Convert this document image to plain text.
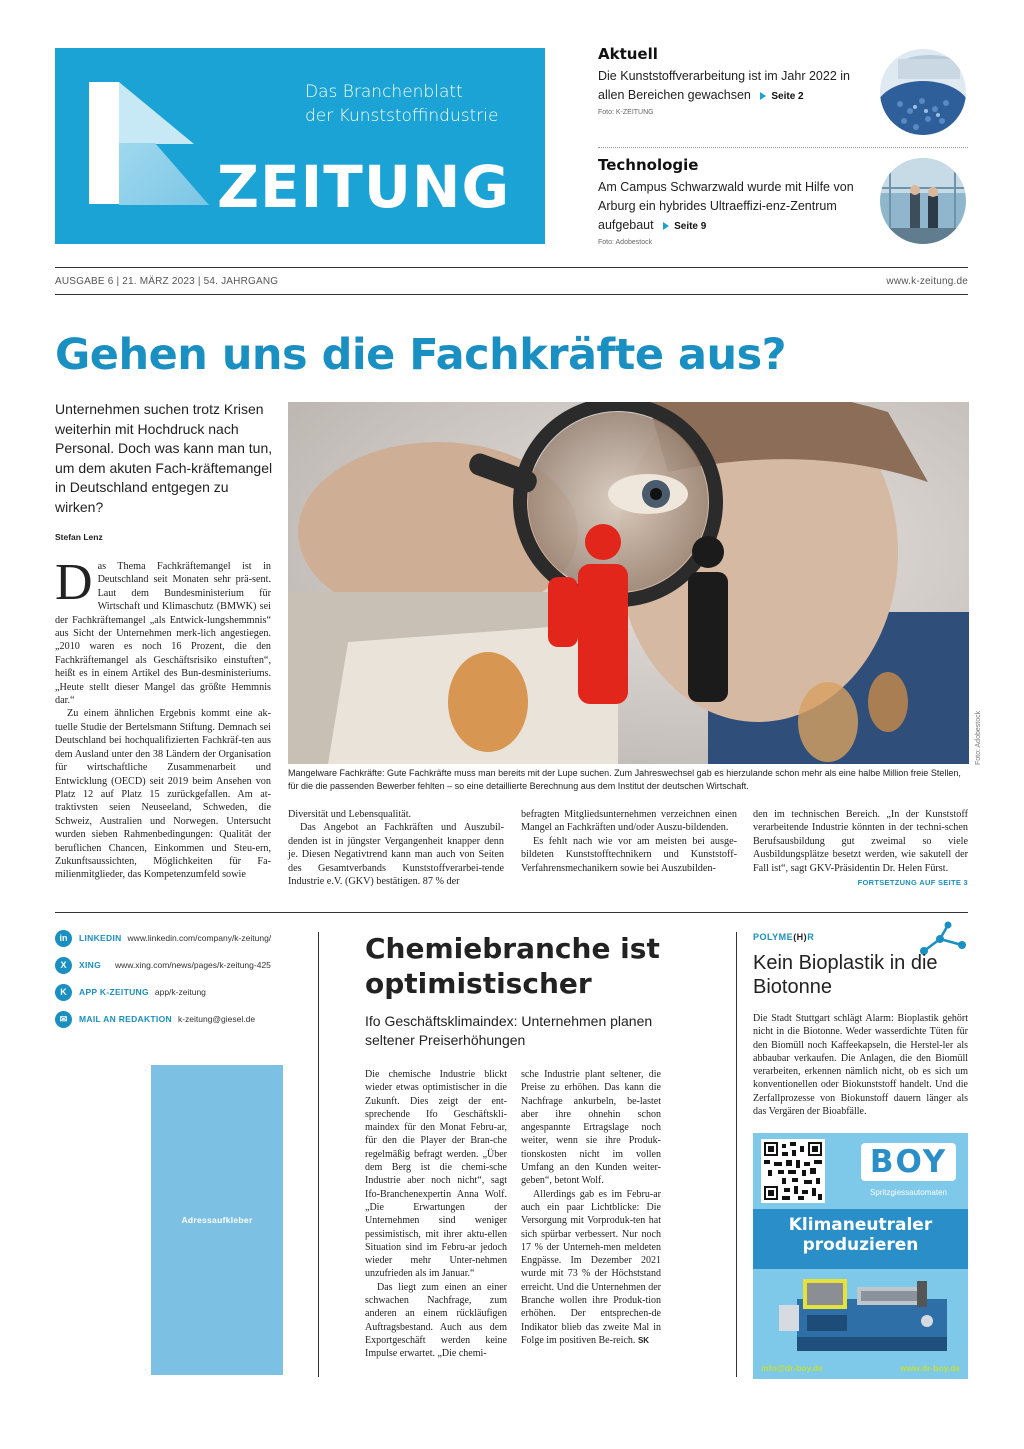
Das Branchenblatt
der Kunststoffindustrie
ZEITUNG
Aktuell
Die Kunststoffverarbeitung ist im Jahr 2022 in allen Bereichen gewachsen Seite 2
Foto: K-ZEITUNG
Technologie
Am Campus Schwarzwald wurde mit Hilfe von Arburg ein hybrides Ultraeffizi-enz-Zentrum aufgebaut Seite 9
Foto: Adobestock
AUSGABE 6 | 21. MÄRZ 2023 | 54. JAHRGANG	www.k-zeitung.de
Gehen uns die Fachkräfte aus?
Unternehmen suchen trotz Krisen weiterhin mit Hochdruck nach Personal. Doch was kann man tun, um dem akuten Fach-kräftemangel in Deutschland entgegen zu wirken?
Stefan Lenz

Das Thema Fachkräftemangel ist in Deutschland seit Monaten sehr prä-sent. Laut dem Bundesministerium für Wirtschaft und Klimaschutz (BMWK) sei der Fachkräftemangel „als Entwick-lungshemmnis“ aus Sicht der Unternehmen merk-lich angestiegen. „2010 waren es noch 16 Prozent, die den Fachkräftemangel als Geschäftsrisiko einstuften“, heißt es in einem Artikel des Bun-desministeriums. „Heute stellt dieser Mangel das größte Hemmnis dar.“

Zu einem ähnlichen Ergebnis kommt eine ak-tuelle Studie der Bertelsmann Stiftung. Demnach sei Deutschland bei hochqualifizierten Fachkräf-ten aus dem Ausland unter den 38 Ländern der Organisation für wirtschaftliche Zusammenarbeit und Entwicklung (OECD) seit 2019 beim Ansehen von Platz 12 auf Platz 15 zurückgefallen. Am at-traktivsten seien Neuseeland, Schweden, die Schweiz, Australien und Norwegen. Untersucht wurden sieben Rahmenbedingungen: Qualität der beruflichen Chancen, Einkommen und Steu-ern, Zukunftsaussichten, Möglichkeiten für Fa-milienmitglieder, das Kompetenzumfeld sowie

Foto: Adobestock
Mangelware Fachkräfte: Gute Fachkräfte muss man bereits mit der Lupe suchen. Zum Jahreswechsel gab es hierzulande schon mehr als eine halbe Million freie Stellen, für die die passenden Bewerber fehlten – so eine detaillierte Berechnung aus dem Institut der deutschen Wirtschaft.

Diversität und Lebensqualität.

Das Angebot an Fachkräften und Auszubil-denden ist in jüngster Vergangenheit knapper denn je. Diesen Negativtrend kann man auch von Seiten des Gesamtverbands Kunststoffverarbei-tende Industrie e.V. (GKV) bestätigen. 87 % der

befragten Mitgliedsunternehmen verzeichnen einen Mangel an Fachkräften und/oder Auszu-bildenden.

Es fehlt nach wie vor am meisten bei ausge-bildeten Kunststofftechnikern und Kunststoff-Verfahrensmechanikern sowie bei Auszubilden-

den im technischen Bereich. „In der Kunststoff verarbeitende Industrie könnten in der techni-schen Berufsausbildung gut zweimal so viele Ausbildungsplätze besetzt werden, wie sakutell der Fall ist“, sagt GKV-Präsidentin Dr. Helen Fürst.

FORTSETZUNG AUF SEITE 3
in	LINKEDIN www.linkedin.com/company/k-zeitung/
X	XING www.xing.com/news/pages/k-zeitung-425
K	APP K-ZEITUNG app/k-zeitung
✉	MAIL AN REDAKTION k-zeitung@giesel.de
Adressaufkleber
Chemiebranche ist optimistischer
Ifo Geschäftsklimaindex: Unternehmen planen seltener Preiserhöhungen

Die chemische Industrie blickt wieder etwas optimistischer in die Zukunft. Dies zeigt der ent-sprechende Ifo Geschäftskli-maindex für den Monat Febru-ar, für den die Player der Bran-che regelmäßig befragt werden. „Über dem Berg ist die chemi-sche Industrie aber noch nicht“, sagt Ifo-Branchenexpertin Anna Wolf. „Die Erwartungen der Unternehmen sind weniger pessimistisch, mit ihrer aktu-ellen Situation sind im Febru-ar jedoch wieder mehr Unter-nehmen unzufrieden als im Januar.“

Das liegt zum einen an einer schwachen Nachfrage, zum anderen an einem rückläufigen Auftragsbestand. Auch aus dem Exportgeschäft werden keine Impulse erwartet. „Die chemi-

sche Industrie plant seltener, die Preise zu erhöhen. Das kann die Nachfrage ankurbeln, be-lastet aber ihre ohnehin schon angespannte Ertragslage noch weiter, wenn sie ihre Produk-tionskosten nicht im vollen Umfang an den Kunden weiter-geben“, betont Wolf.

Allerdings gab es im Febru-ar auch ein paar Lichtblicke: Die Versorgung mit Vorproduk-ten hat sich spürbar verbessert. Nur noch 17 % der Unterneh-men meldeten Engpässe. Im Dezember 2021 wurde mit 73 % der Höchststand erreicht. Und die Unternehmen der Branche wollen ihre Produk-tion erhöhen. Der entsprechen-de Indikator blieb das zweite Mal in Folge im positiven Be-reich. SK

POLYME(H)R
Kein Bioplastik in die Biotonne
Die Stadt Stuttgart schlägt Alarm: Bioplastik gehört nicht in die Biotonne. Weder wasserdichte Tüten für den Biomüll noch Kaffeekapseln, die Herstel-ler als abbaubar verkaufen. Die Anlagen, die den Biomüll verarbeiten, erkennen nämlich nicht, ob es sich um konventionellen oder Biokunststoff handelt. Und die Zerfallprozesse von Biokunstoff dauern länger als das Vergären der Bioabfälle.
BOY
Spritzgiessautomaten
Klimaneutraler
produzieren
info@dr-boy.de	www.dr-boy.de
